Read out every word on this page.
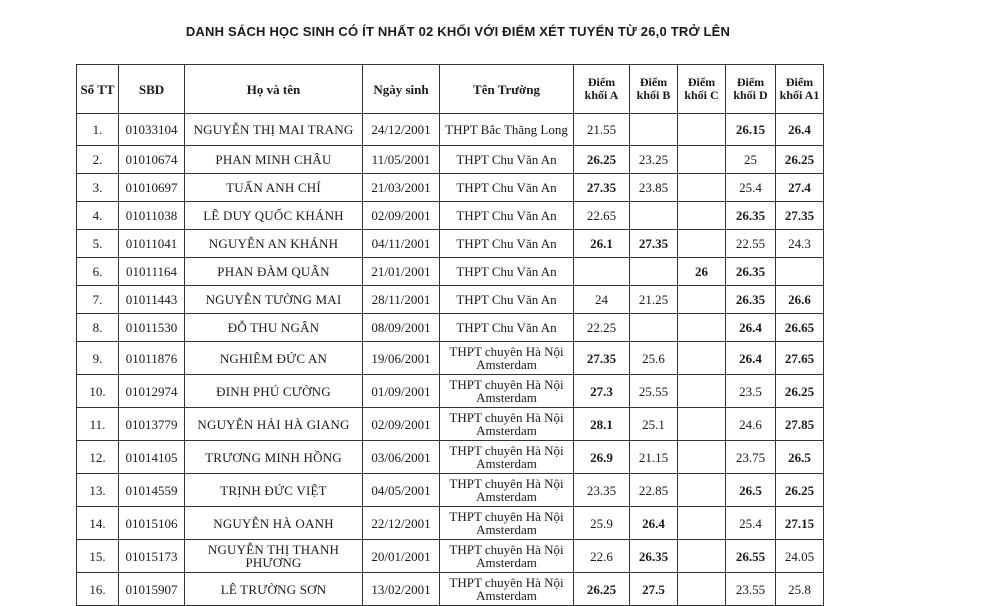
DANH SÁCH HỌC SINH CÓ ÍT NHẤT 02 KHỐI VỚI ĐIỂM XÉT TUYỂN TỪ 26,0 TRỞ LÊN
Số TT	SBD	Họ và tên	Ngày sinh	Tên Trường	Điểm khối A	Điểm khối B	Điểm khối C	Điểm khối D	Điểm khối A1
1.	01033104	NGUYỄN THỊ MAI TRANG	24/12/2001	THPT Bắc Thăng Long	21.55			26.15	26.4
2.	01010674	PHAN MINH CHÂU	11/05/2001	THPT Chu Văn An	26.25	23.25		25	26.25
3.	01010697	TUẤN ANH CHÍ	21/03/2001	THPT Chu Văn An	27.35	23.85		25.4	27.4
4.	01011038	LÊ DUY QUỐC KHÁNH	02/09/2001	THPT Chu Văn An	22.65			26.35	27.35
5.	01011041	NGUYỄN AN KHÁNH	04/11/2001	THPT Chu Văn An	26.1	27.35		22.55	24.3
6.	01011164	PHAN ĐÀM QUÂN	21/01/2001	THPT Chu Văn An			26	26.35	
7.	01011443	NGUYỄN TƯỜNG MAI	28/11/2001	THPT Chu Văn An	24	21.25		26.35	26.6
8.	01011530	ĐỖ THU NGÂN	08/09/2001	THPT Chu Văn An	22.25			26.4	26.65
9.	01011876	NGHIÊM ĐỨC AN	19/06/2001	THPT chuyên Hà Nội Amsterdam	27.35	25.6		26.4	27.65
10.	01012974	ĐINH PHÚ CƯỜNG	01/09/2001	THPT chuyên Hà Nội Amsterdam	27.3	25.55		23.5	26.25
11.	01013779	NGUYỄN HẢI HÀ GIANG	02/09/2001	THPT chuyên Hà Nội Amsterdam	28.1	25.1		24.6	27.85
12.	01014105	TRƯƠNG MINH HỒNG	03/06/2001	THPT chuyên Hà Nội Amsterdam	26.9	21.15		23.75	26.5
13.	01014559	TRỊNH ĐỨC VIỆT	04/05/2001	THPT chuyên Hà Nội Amsterdam	23.35	22.85		26.5	26.25
14.	01015106	NGUYỄN HÀ OANH	22/12/2001	THPT chuyên Hà Nội Amsterdam	25.9	26.4		25.4	27.15
15.	01015173	NGUYỄN THỊ THANH PHƯƠNG	20/01/2001	THPT chuyên Hà Nội Amsterdam	22.6	26.35		26.55	24.05
16.	01015907	LÊ TRƯỜNG SƠN	13/02/2001	THPT chuyên Hà Nội Amsterdam	26.25	27.5		23.55	25.8
